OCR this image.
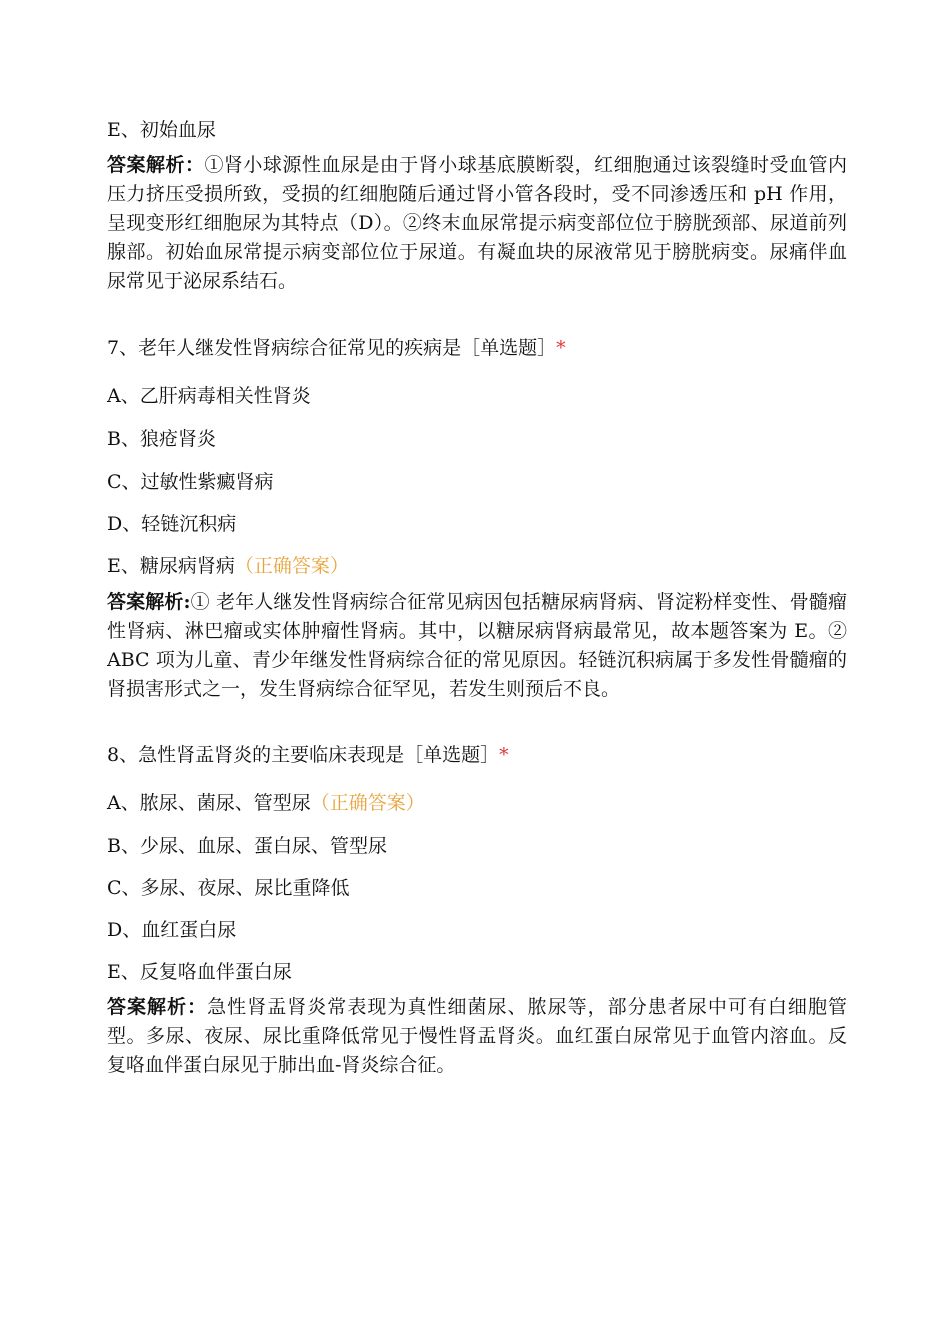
E、初始血尿
答案解析：①肾小球源性血尿是由于肾小球基底膜断裂，红细胞通过该裂缝时受血管内压力挤压受损所致，受损的红细胞随后通过肾小管各段时，受不同渗透压和 pH 作用，呈现变形红细胞尿为其特点（D）。②终末血尿常提示病变部位位于膀胱颈部、尿道前列腺部。初始血尿常提示病变部位位于尿道。有凝血块的尿液常见于膀胱病变。尿痛伴血尿常见于泌尿系结石。
7、老年人继发性肾病综合征常见的疾病是［单选题］*
A、乙肝病毒相关性肾炎
B、狼疮肾炎
C、过敏性紫癜肾病
D、轻链沉积病
E、糖尿病肾病（正确答案）
答案解析:① 老年人继发性肾病综合征常见病因包括糖尿病肾病、肾淀粉样变性、骨髓瘤性肾病、淋巴瘤或实体肿瘤性肾病。其中，以糖尿病肾病最常见，故本题答案为 E。② ABC 项为儿童、青少年继发性肾病综合征的常见原因。轻链沉积病属于多发性骨髓瘤的肾损害形式之一，发生肾病综合征罕见，若发生则预后不良。
8、急性肾盂肾炎的主要临床表现是［单选题］*
A、脓尿、菌尿、管型尿（正确答案）
B、少尿、血尿、蛋白尿、管型尿
C、多尿、夜尿、尿比重降低
D、血红蛋白尿
E、反复咯血伴蛋白尿
答案解析：急性肾盂肾炎常表现为真性细菌尿、脓尿等，部分患者尿中可有白细胞管型。多尿、夜尿、尿比重降低常见于慢性肾盂肾炎。血红蛋白尿常见于血管内溶血。反复咯血伴蛋白尿见于肺出血-肾炎综合征。
